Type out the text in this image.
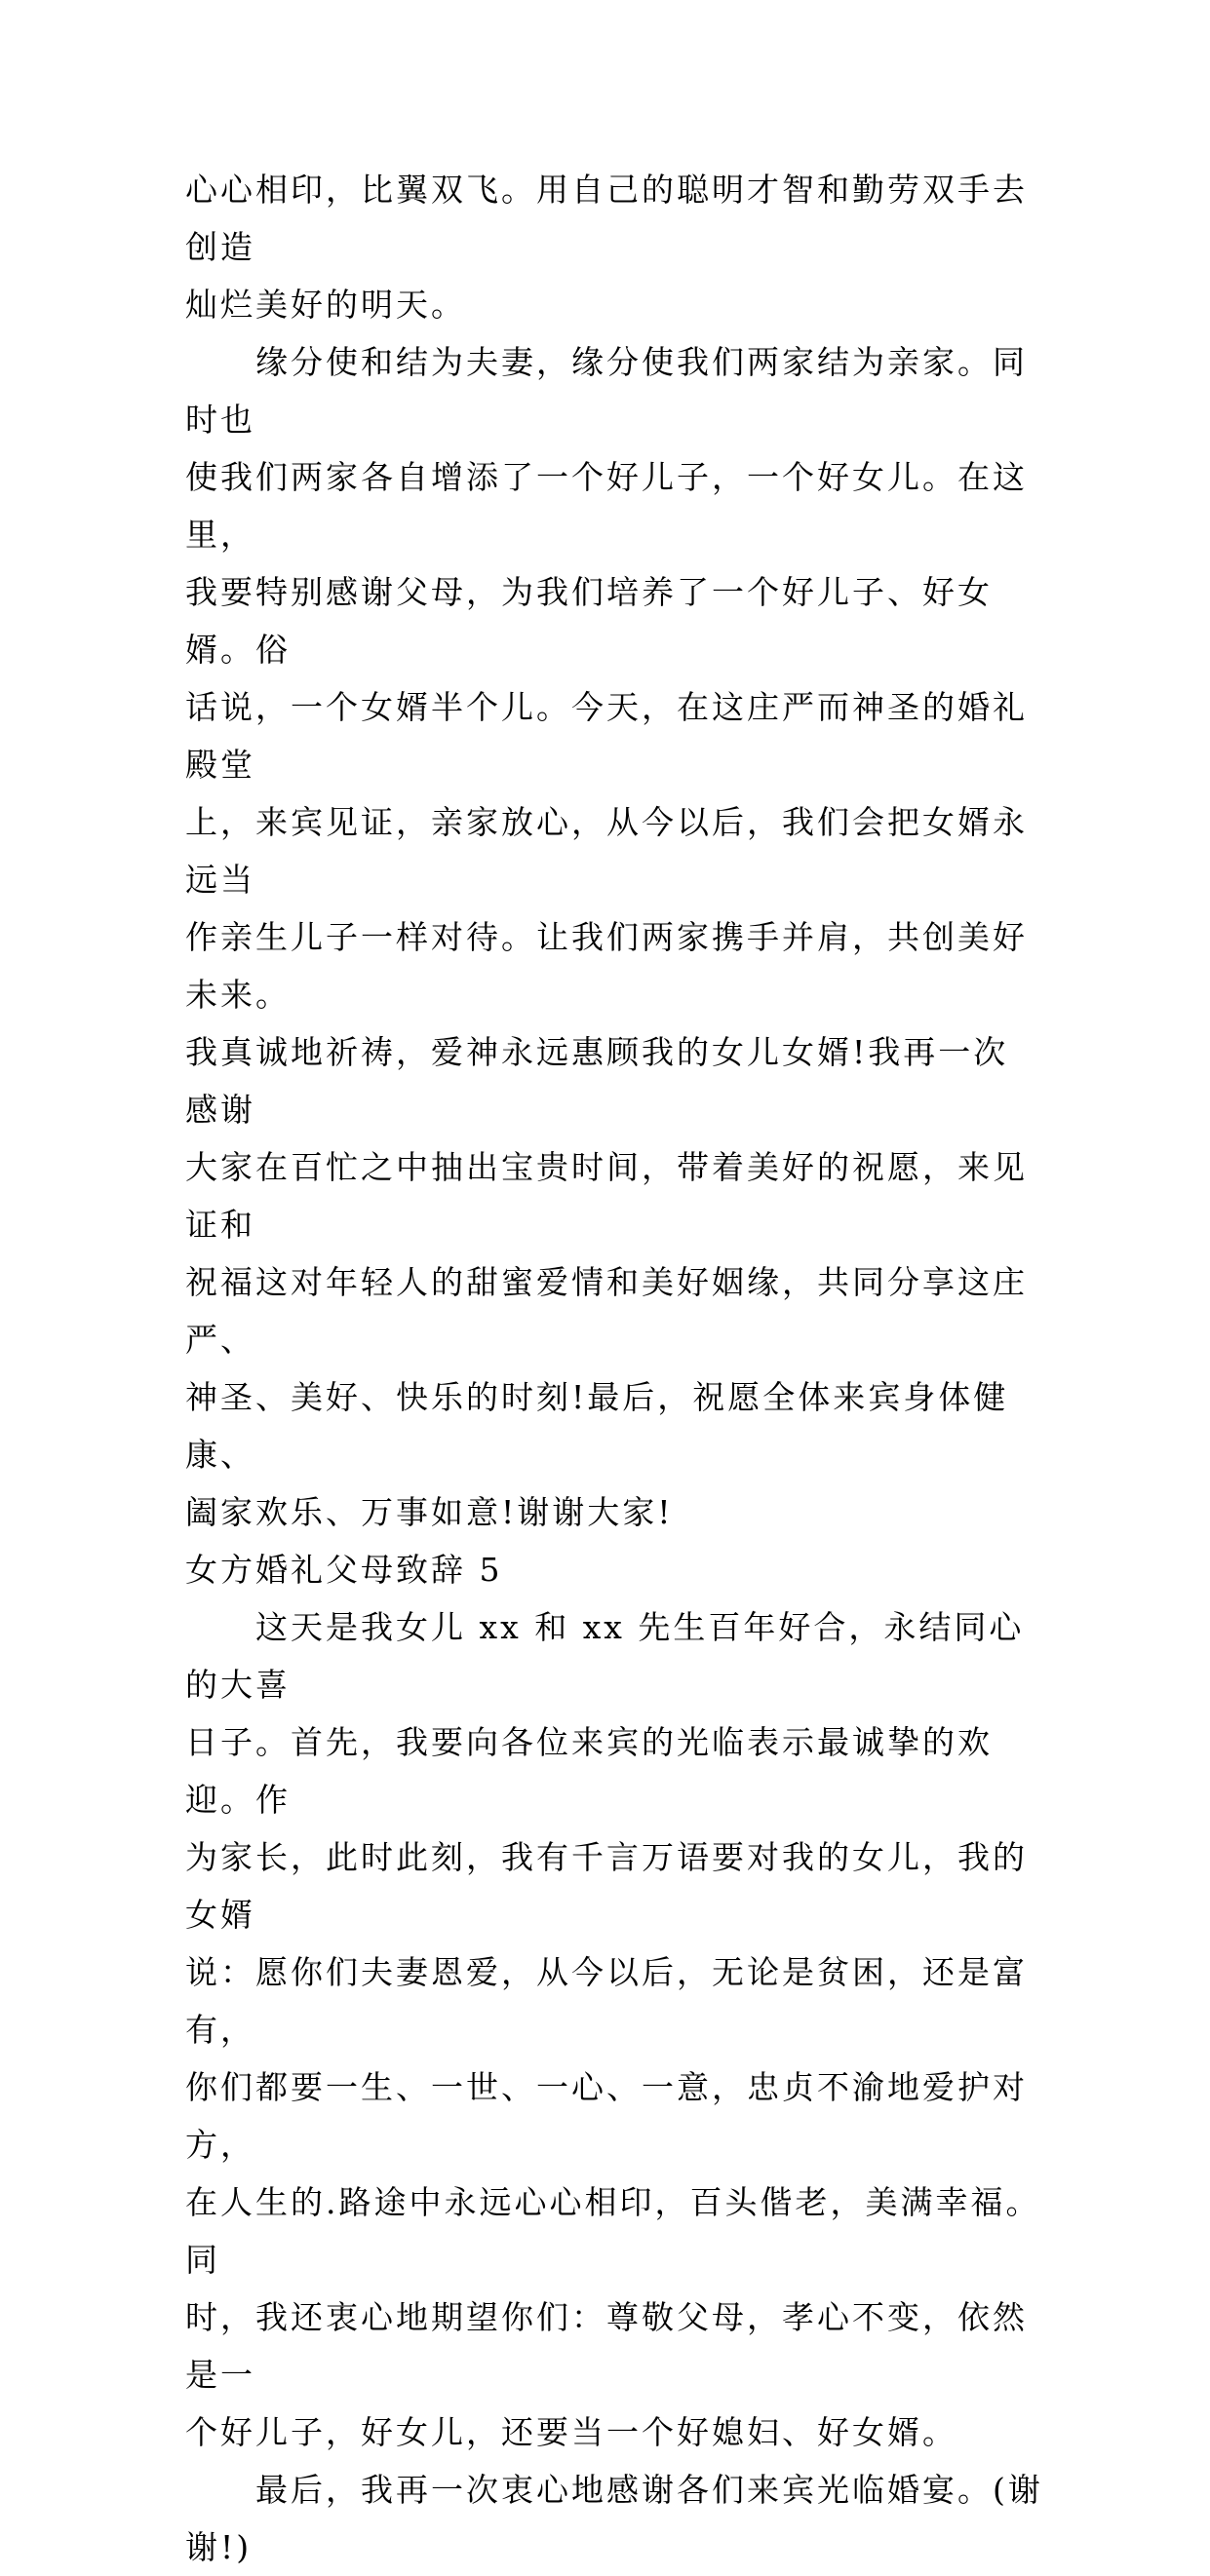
心心相印，比翼双飞。用自己的聪明才智和勤劳双手去创造
灿烂美好的明天。

　　缘分使和结为夫妻，缘分使我们两家结为亲家。同时也
使我们两家各自增添了一个好儿子，一个好女儿。在这里，
我要特别感谢父母，为我们培养了一个好儿子、好女婿。俗
话说，一个女婿半个儿。今天，在这庄严而神圣的婚礼殿堂
上，来宾见证，亲家放心，从今以后，我们会把女婿永远当
作亲生儿子一样对待。让我们两家携手并肩，共创美好未来。
我真诚地祈祷，爱神永远惠顾我的女儿女婿!我再一次感谢
大家在百忙之中抽出宝贵时间，带着美好的祝愿，来见证和
祝福这对年轻人的甜蜜爱情和美好姻缘，共同分享这庄严、
神圣、美好、快乐的时刻!最后，祝愿全体来宾身体健康、
阖家欢乐、万事如意!谢谢大家!

女方婚礼父母致辞 5

　　这天是我女儿 xx 和 xx 先生百年好合，永结同心的大喜
日子。首先，我要向各位来宾的光临表示最诚挚的欢迎。作
为家长，此时此刻，我有千言万语要对我的女儿，我的女婿
说：愿你们夫妻恩爱，从今以后，无论是贫困，还是富有，
你们都要一生、一世、一心、一意，忠贞不渝地爱护对方，
在人生的.路途中永远心心相印，百头偕老，美满幸福。同
时，我还衷心地期望你们：尊敬父母，孝心不变，依然是一
个好儿子，好女儿，还要当一个好媳妇、好女婿。

　　最后，我再一次衷心地感谢各们来宾光临婚宴。(谢
谢!)
